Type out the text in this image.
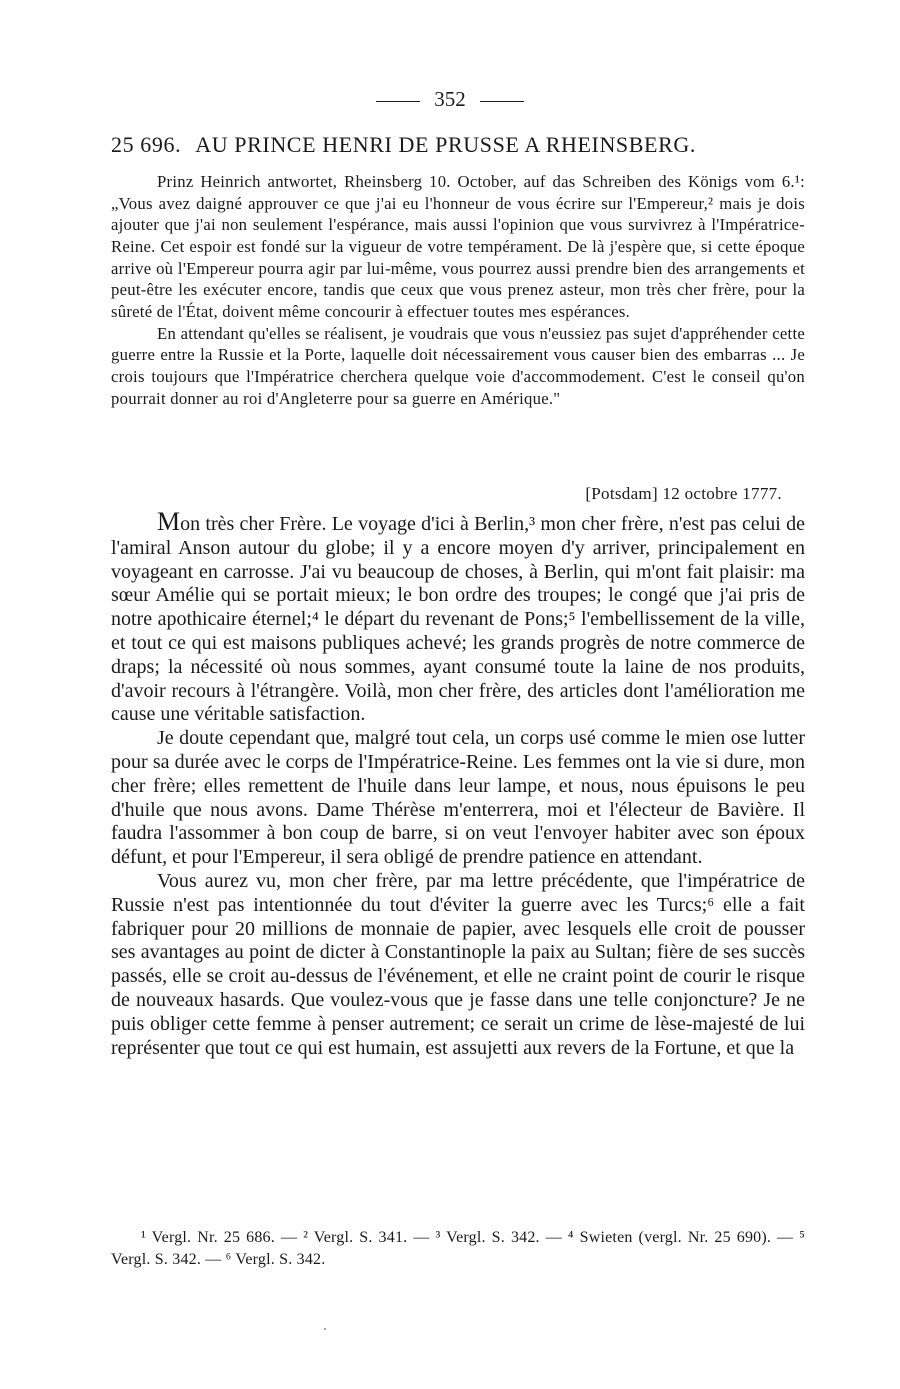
352
25 696. AU PRINCE HENRI DE PRUSSE A RHEINSBERG.

Prinz Heinrich antwortet, Rheinsberg 10. October, auf das Schreiben des Königs vom 6.¹: „Vous avez daigné approuver ce que j'ai eu l'honneur de vous écrire sur l'Empereur,² mais je dois ajouter que j'ai non seulement l'espérance, mais aussi l'opinion que vous survivrez à l'Impératrice-Reine. Cet espoir est fondé sur la vigueur de votre tempérament. De là j'espère que, si cette époque arrive où l'Empereur pourra agir par lui-même, vous pourrez aussi prendre bien des arrangements et peut-être les exécuter encore, tandis que ceux que vous prenez asteur, mon très cher frère, pour la sûreté de l'État, doivent même concourir à effectuer toutes mes espérances.

En attendant qu'elles se réalisent, je voudrais que vous n'eussiez pas sujet d'appréhender cette guerre entre la Russie et la Porte, laquelle doit nécessairement vous causer bien des embarras ... Je crois toujours que l'Impératrice cherchera quelque voie d'accommodement. C'est le conseil qu'on pourrait donner au roi d'Angleterre pour sa guerre en Amérique."

[Potsdam] 12 octobre 1777.

Mon très cher Frère. Le voyage d'ici à Berlin,³ mon cher frère, n'est pas celui de l'amiral Anson autour du globe; il y a encore moyen d'y arriver, principalement en voyageant en carrosse. J'ai vu beaucoup de choses, à Berlin, qui m'ont fait plaisir: ma sœur Amélie qui se portait mieux; le bon ordre des troupes; le congé que j'ai pris de notre apothicaire éternel;⁴ le départ du revenant de Pons;⁵ l'embellissement de la ville, et tout ce qui est maisons publiques achevé; les grands progrès de notre commerce de draps; la nécessité où nous sommes, ayant consumé toute la laine de nos produits, d'avoir recours à l'étrangère. Voilà, mon cher frère, des articles dont l'amélioration me cause une véritable satisfaction.

Je doute cependant que, malgré tout cela, un corps usé comme le mien ose lutter pour sa durée avec le corps de l'Impératrice-Reine. Les femmes ont la vie si dure, mon cher frère; elles remettent de l'huile dans leur lampe, et nous, nous épuisons le peu d'huile que nous avons. Dame Thérèse m'enterrera, moi et l'électeur de Bavière. Il faudra l'assommer à bon coup de barre, si on veut l'envoyer habiter avec son époux défunt, et pour l'Empereur, il sera obligé de prendre patience en attendant.

Vous aurez vu, mon cher frère, par ma lettre précédente, que l'impératrice de Russie n'est pas intentionnée du tout d'éviter la guerre avec les Turcs;⁶ elle a fait fabriquer pour 20 millions de monnaie de papier, avec lesquels elle croit de pousser ses avantages au point de dicter à Constantinople la paix au Sultan; fière de ses succès passés, elle se croit au-dessus de l'événement, et elle ne craint point de courir le risque de nouveaux hasards. Que voulez-vous que je fasse dans une telle conjoncture? Je ne puis obliger cette femme à penser autrement; ce serait un crime de lèse-majesté de lui représenter que tout ce qui est humain, est assujetti aux revers de la Fortune, et que la

¹ Vergl. Nr. 25 686. — ² Vergl. S. 341. — ³ Vergl. S. 342. — ⁴ Swieten (vergl. Nr. 25 690). — ⁵ Vergl. S. 342. — ⁶ Vergl. S. 342.
